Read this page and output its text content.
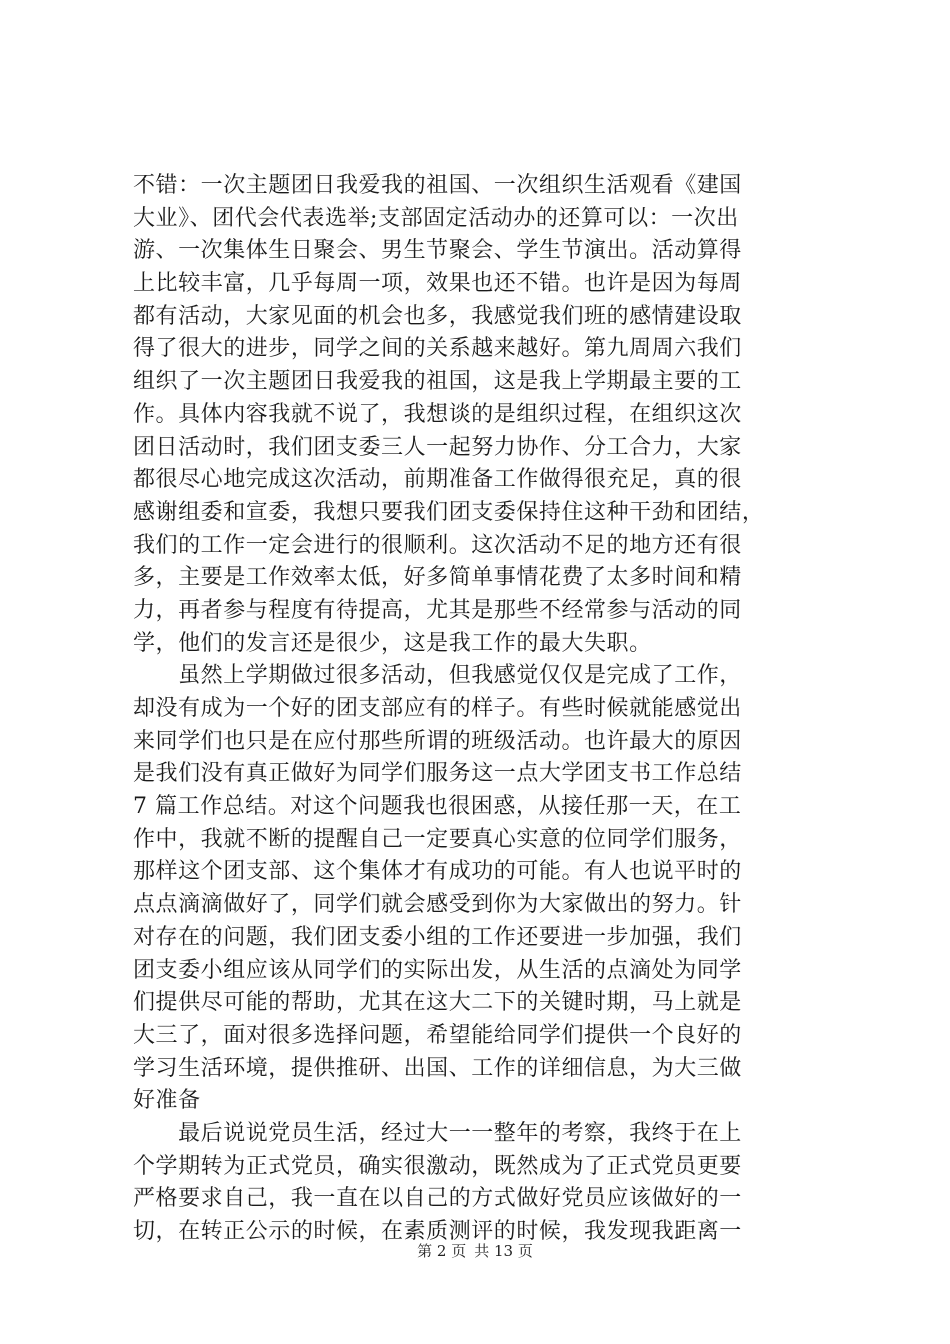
不错：一次主题团日我爱我的祖国、一次组织生活观看《建国
大业》、团代会代表选举;支部固定活动办的还算可以：一次出
游、一次集体生日聚会、男生节聚会、学生节演出。活动算得
上比较丰富，几乎每周一项，效果也还不错。也许是因为每周
都有活动，大家见面的机会也多，我感觉我们班的感情建设取
得了很大的进步，同学之间的关系越来越好。第九周周六我们
组织了一次主题团日我爱我的祖国，这是我上学期最主要的工
作。具体内容我就不说了，我想谈的是组织过程，在组织这次
团日活动时，我们团支委三人一起努力协作、分工合力，大家
都很尽心地完成这次活动，前期准备工作做得很充足，真的很
感谢组委和宣委，我想只要我们团支委保持住这种干劲和团结，
我们的工作一定会进行的很顺利。这次活动不足的地方还有很
多，主要是工作效率太低，好多简单事情花费了太多时间和精
力，再者参与程度有待提高，尤其是那些不经常参与活动的同
学，他们的发言还是很少，这是我工作的最大失职。
　　虽然上学期做过很多活动，但我感觉仅仅是完成了工作，
却没有成为一个好的团支部应有的样子。有些时候就能感觉出
来同学们也只是在应付那些所谓的班级活动。也许最大的原因
是我们没有真正做好为同学们服务这一点大学团支书工作总结
7 篇工作总结。对这个问题我也很困惑，从接任那一天，在工
作中，我就不断的提醒自己一定要真心实意的位同学们服务，
那样这个团支部、这个集体才有成功的可能。有人也说平时的
点点滴滴做好了，同学们就会感受到你为大家做出的努力。针
对存在的问题，我们团支委小组的工作还要进一步加强，我们
团支委小组应该从同学们的实际出发，从生活的点滴处为同学
们提供尽可能的帮助，尤其在这大二下的关键时期，马上就是
大三了，面对很多选择问题，希望能给同学们提供一个良好的
学习生活环境，提供推研、出国、工作的详细信息，为大三做
好准备
　　最后说说党员生活，经过大一一整年的考察，我终于在上
个学期转为正式党员，确实很激动，既然成为了正式党员更要
严格要求自己，我一直在以自己的方式做好党员应该做好的一
切，在转正公示的时候，在素质测评的时候，我发现我距离一
第 2 页 共 13 页
